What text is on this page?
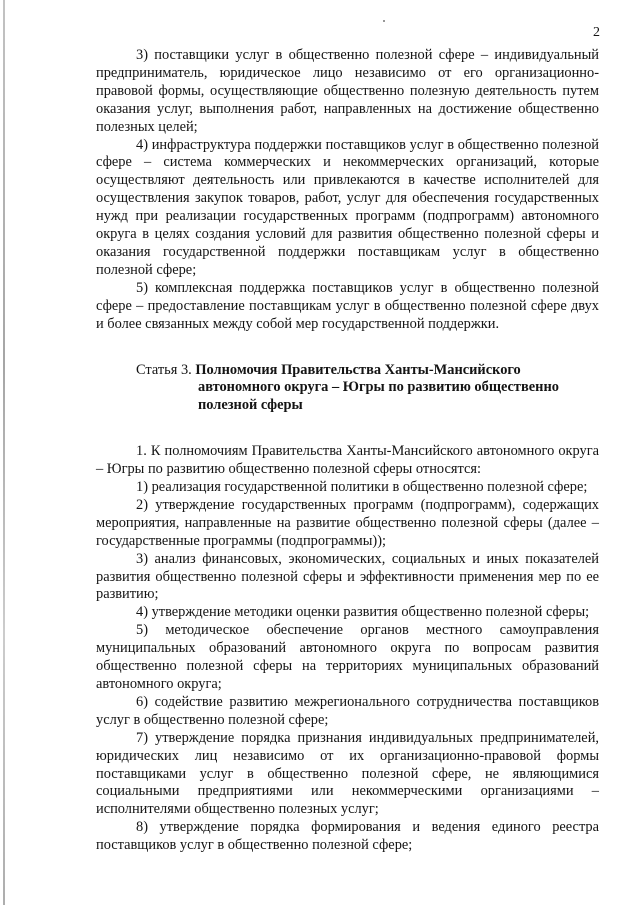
2

3) поставщики услуг в общественно полезной сфере – индивидуальный предприниматель, юридическое лицо независимо от его организационно-правовой формы, осуществляющие общественно полезную деятельность путем оказания услуг, выполнения работ, направленных на достижение общественно полезных целей;

4) инфраструктура поддержки поставщиков услуг в общественно полезной сфере – система коммерческих и некоммерческих организаций, которые осуществляют деятельность или привлекаются в качестве исполнителей для осуществления закупок товаров, работ, услуг для обеспечения государственных нужд при реализации государственных программ (подпрограмм) автономного округа в целях создания условий для развития общественно полезной сферы и оказания государственной поддержки поставщикам услуг в общественно полезной сфере;

5) комплексная поддержка поставщиков услуг в общественно полезной сфере – предоставление поставщикам услуг в общественно полезной сфере двух и более связанных между собой мер государственной поддержки.

Статья 3. Полномочия Правительства Ханты-Мансийского
автономного округа – Югры по развитию общественно
полезной сферы

1. К полномочиям Правительства Ханты-Мансийского автономного округа – Югры по развитию общественно полезной сферы относятся:

1) реализация государственной политики в общественно полезной сфере;

2) утверждение государственных программ (подпрограмм), содержащих мероприятия, направленные на развитие общественно полезной сферы (далее – государственные программы (подпрограммы));

3) анализ финансовых, экономических, социальных и иных показателей развития общественно полезной сферы и эффективности применения мер по ее развитию;

4) утверждение методики оценки развития общественно полезной сферы;

5) методическое обеспечение органов местного самоуправления муниципальных образований автономного округа по вопросам развития общественно полезной сферы на территориях муниципальных образований автономного округа;

6) содействие развитию межрегионального сотрудничества поставщиков услуг в общественно полезной сфере;

7) утверждение порядка признания индивидуальных предпринимателей, юридических лиц независимо от их организационно-правовой формы поставщиками услуг в общественно полезной сфере, не являющимися социальными предприятиями или некоммерческими организациями – исполнителями общественно полезных услуг;

8) утверждение порядка формирования и ведения единого реестра поставщиков услуг в общественно полезной сфере;
